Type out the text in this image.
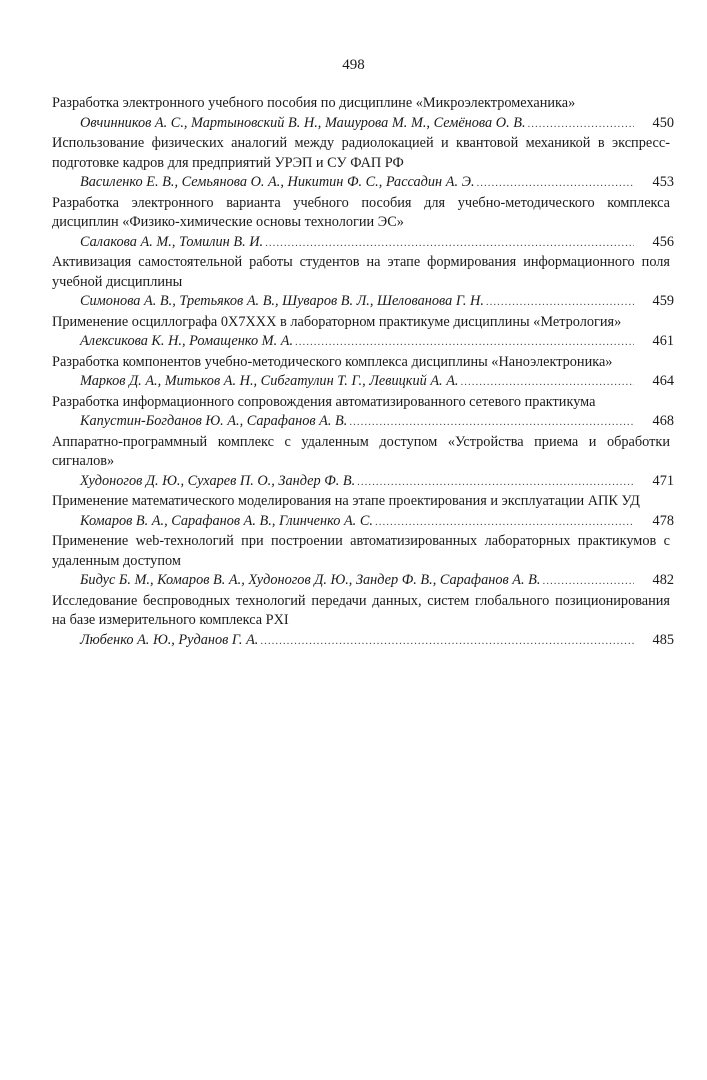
498
Разработка электронного учебного пособия по дисциплине «Микроэлектромеханика»
Овчинников А. С., Мартыновский В. Н., Машурова М. М., Семёнова О. В. .....	450
Использование физических аналогий между радиолокацией и квантовой механикой в экспресс-подготовке кадров для предприятий УРЭП и СУ ФАП РФ
Василенко Е. В., Семьянова О. А., Никитин Ф. С., Рассадин А. Э. .....	453
Разработка электронного варианта учебного пособия для учебно-методического комплекса дисциплин «Физико-химические основы технологии ЭС»
Салакова А. М., Томилин В. И. .....	456
Активизация самостоятельной работы студентов на этапе формирования информационного поля учебной дисциплины
Симонова А. В., Третьяков А. В., Шуваров В. Л., Шелованова Г. Н. .....	459
Применение осциллографа 0X7XXX в лабораторном практикуме дисциплины «Метрология»
Алексикова К. Н., Ромащенко М. А. .....	461
Разработка компонентов учебно-методического комплекса дисциплины «Наноэлектроника»
Марков Д. А., Митьков А. Н., Сибгатулин Т. Г., Левицкий А. А. .....	464
Разработка информационного сопровождения автоматизированного сетевого практикума
Капустин-Богданов Ю. А., Сарафанов А. В. .....	468
Аппаратно-программный комплекс с удаленным доступом «Устройства приема и обработки сигналов»
Худоногов Д. Ю., Сухарев П. О., Зандер Ф. В. .....	471
Применение математического моделирования на этапе проектирования и эксплуатации АПК УД
Комаров В. А., Сарафанов А. В., Глинченко А. С. .....	478
Применение web-технологий при построении автоматизированных лабораторных практикумов с удаленным доступом
Бидус Б. М., Комаров В. А., Худоногов Д. Ю., Зандер Ф. В., Сарафанов А. В. .....	482
Исследование беспроводных технологий передачи данных, систем глобального позиционирования на базе измерительного комплекса PXI
Любенко А. Ю., Руданов Г. А. .....	485
